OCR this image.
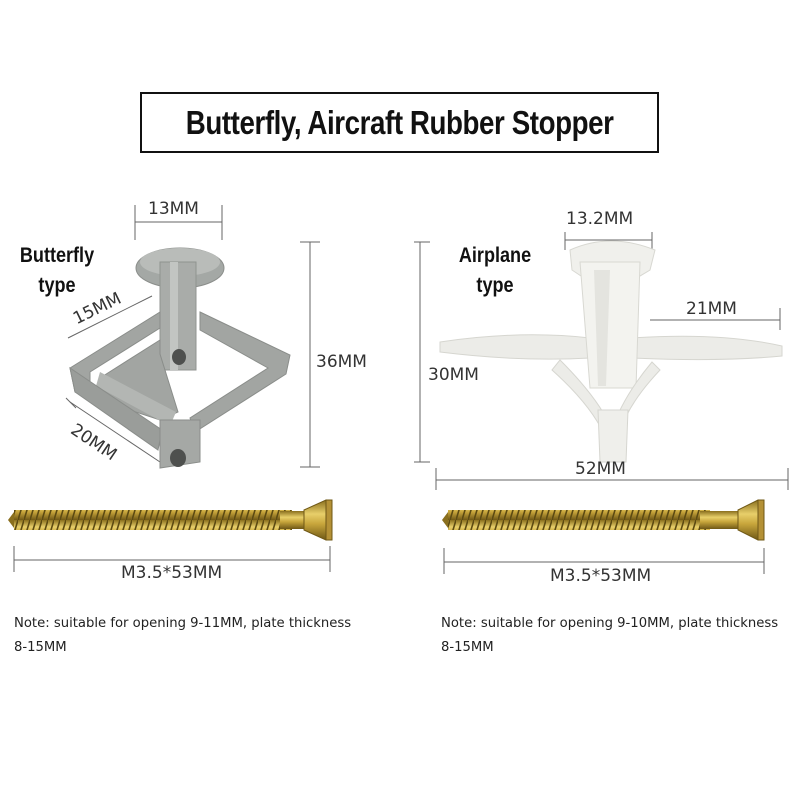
Butterfly, Aircraft Rubber Stopper
Butterfly
type
13MM
15MM
36MM
20MM
M3.5*53MM
Airplane
type
13.2MM
21MM
30MM
52MM
M3.5*53MM
Note: suitable for opening 9-11MM, plate thickness
8-15MM
Note: suitable for opening 9-10MM, plate thickness
8-15MM
